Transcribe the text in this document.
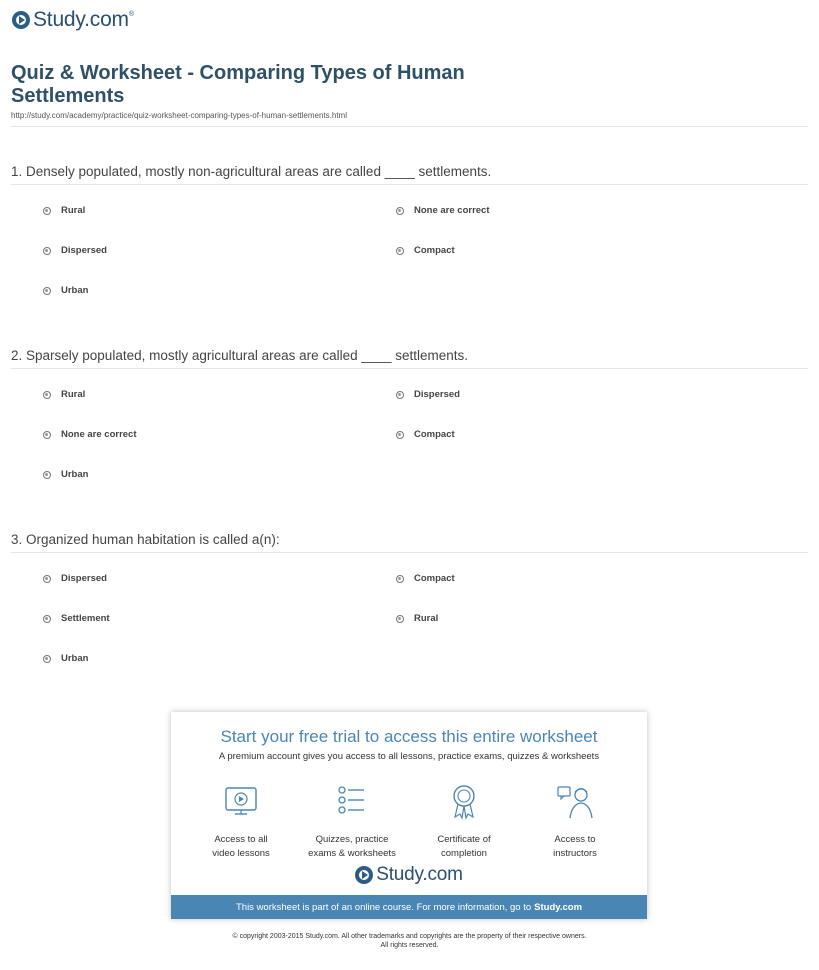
Study.com ®
Quiz & Worksheet - Comparing Types of Human Settlements
http://study.com/academy/practice/quiz-worksheet-comparing-types-of-human-settlements.html
1. Densely populated, mostly non-agricultural areas are called ____ settlements.
Rural	None are correct
Dispersed	Compact
Urban
2. Sparsely populated, mostly agricultural areas are called ____ settlements.
Rural	Dispersed
None are correct	Compact
Urban
3. Organized human habitation is called a(n):
Dispersed	Compact
Settlement	Rural
Urban
Start your free trial to access this entire worksheet
A premium account gives you access to all lessons, practice exams, quizzes & worksheets
Access to all
video lessons
Quizzes, practice
exams & worksheets
Certificate of
completion
Access to
instructors
Study.com
This worksheet is part of an online course. For more information, go to Study.com
© copyright 2003-2015 Study.com. All other trademarks and copyrights are the property of their respective owners.
All rights reserved.
